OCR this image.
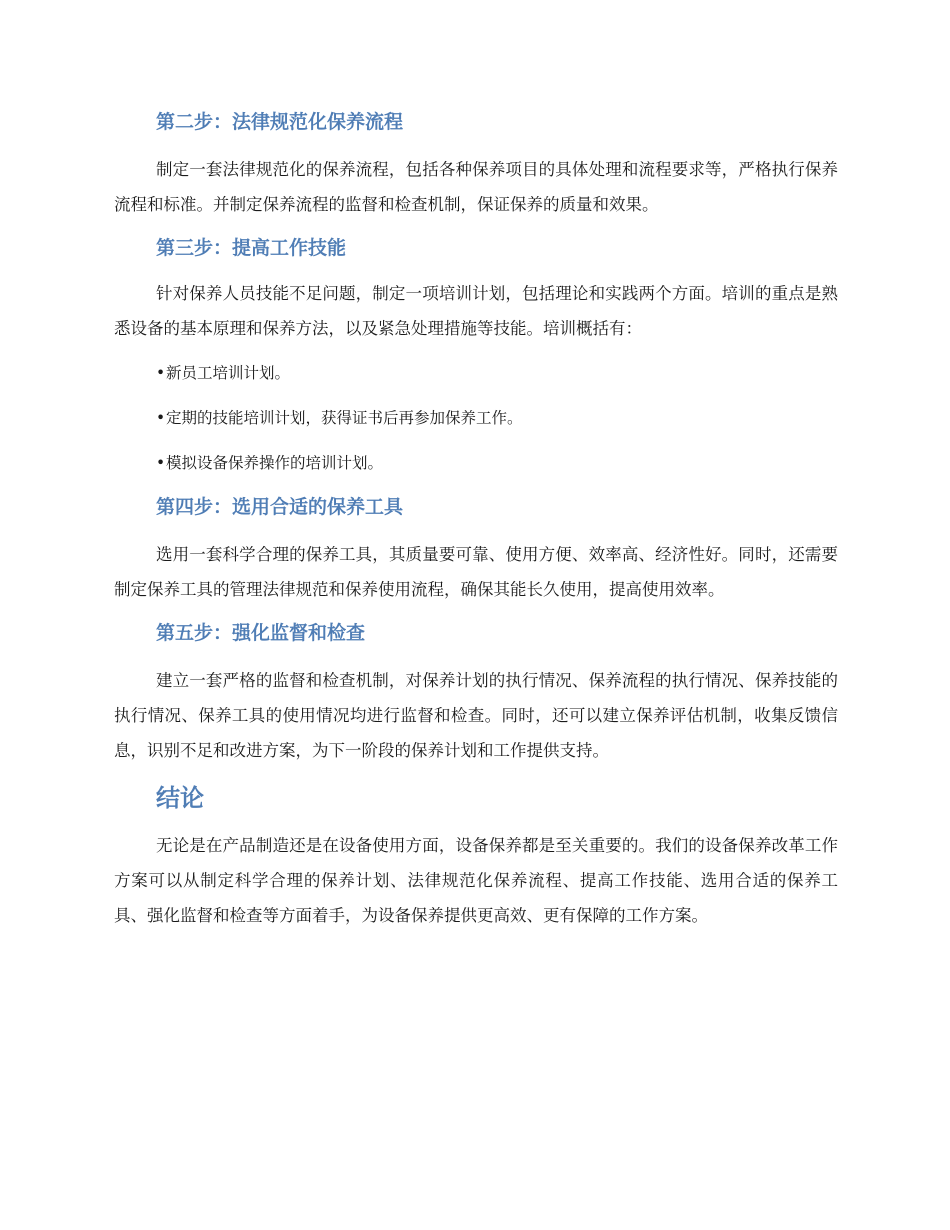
第二步：法律规范化保养流程

制定一套法律规范化的保养流程，包括各种保养项目的具体处理和流程要求等，严格执行保养流程和标准。并制定保养流程的监督和检查机制，保证保养的质量和效果。

第三步：提高工作技能

针对保养人员技能不足问题，制定一项培训计划，包括理论和实践两个方面。培训的重点是熟悉设备的基本原理和保养方法，以及紧急处理措施等技能。培训概括有：

•新员工培训计划。

•定期的技能培训计划，获得证书后再参加保养工作。

•模拟设备保养操作的培训计划。

第四步：选用合适的保养工具

选用一套科学合理的保养工具，其质量要可靠、使用方便、效率高、经济性好。同时，还需要制定保养工具的管理法律规范和保养使用流程，确保其能长久使用，提高使用效率。

第五步：强化监督和检查

建立一套严格的监督和检查机制，对保养计划的执行情况、保养流程的执行情况、保养技能的执行情况、保养工具的使用情况均进行监督和检查。同时，还可以建立保养评估机制，收集反馈信息，识别不足和改进方案，为下一阶段的保养计划和工作提供支持。

结论

无论是在产品制造还是在设备使用方面，设备保养都是至关重要的。我们的设备保养改革工作方案可以从制定科学合理的保养计划、法律规范化保养流程、提高工作技能、选用合适的保养工具、强化监督和检查等方面着手，为设备保养提供更高效、更有保障的工作方案。
